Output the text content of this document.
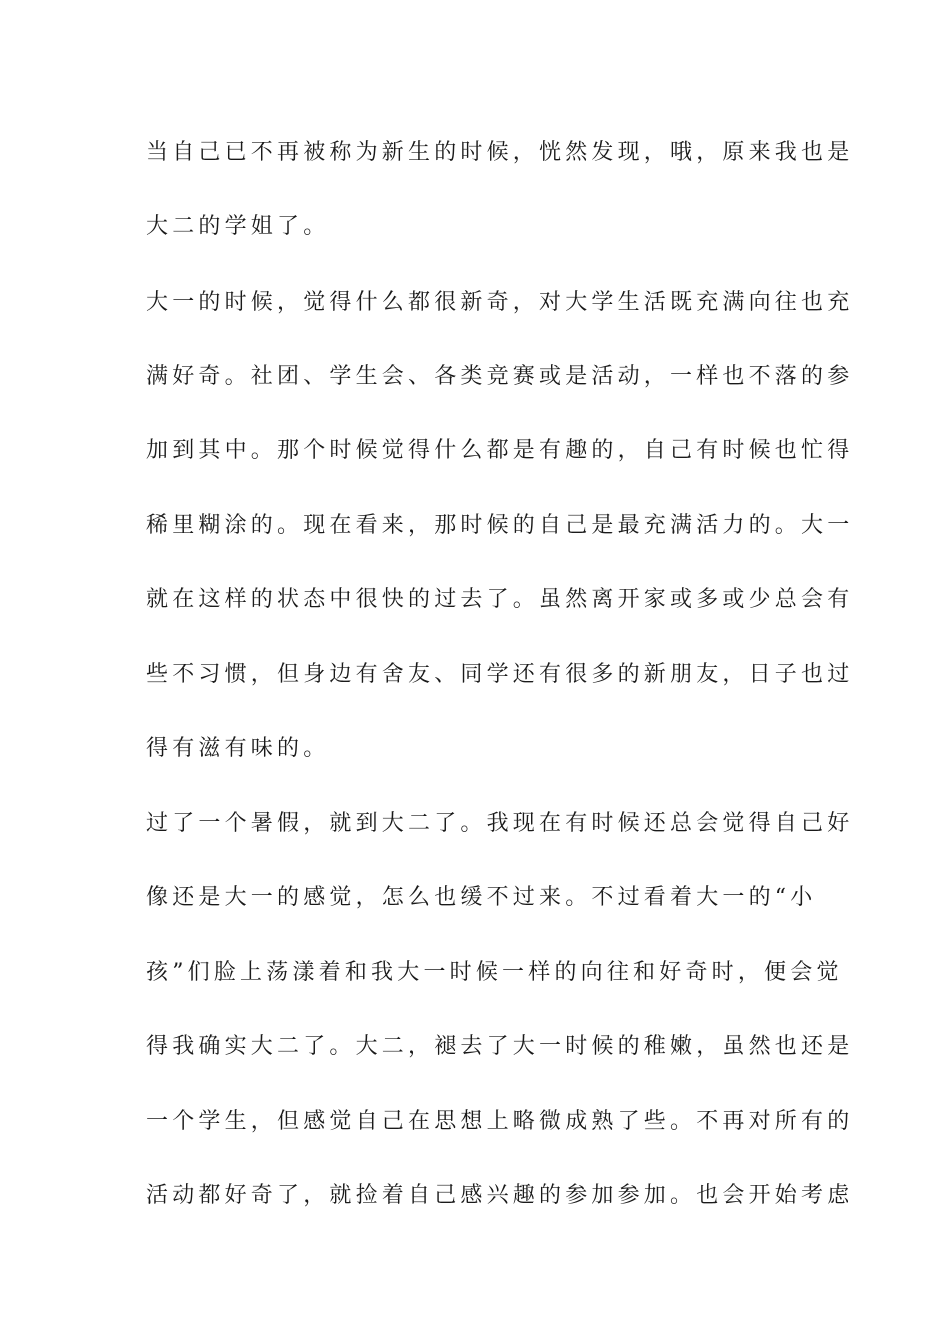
当自己已不再被称为新生的时候，恍然发现，哦，原来我也是

大二的学姐了。

大一的时候，觉得什么都很新奇，对大学生活既充满向往也充

满好奇。社团、学生会、各类竞赛或是活动，一样也不落的参

加到其中。那个时候觉得什么都是有趣的，自己有时候也忙得

稀里糊涂的。现在看来，那时候的自己是最充满活力的。大一

就在这样的状态中很快的过去了。虽然离开家或多或少总会有

些不习惯，但身边有舍友、同学还有很多的新朋友，日子也过

得有滋有味的。

过了一个暑假，就到大二了。我现在有时候还总会觉得自己好

像还是大一的感觉，怎么也缓不过来。不过看着大一的“小

孩”们脸上荡漾着和我大一时候一样的向往和好奇时，便会觉

得我确实大二了。大二，褪去了大一时候的稚嫩，虽然也还是

一个学生，但感觉自己在思想上略微成熟了些。不再对所有的

活动都好奇了，就捡着自己感兴趣的参加参加。也会开始考虑
